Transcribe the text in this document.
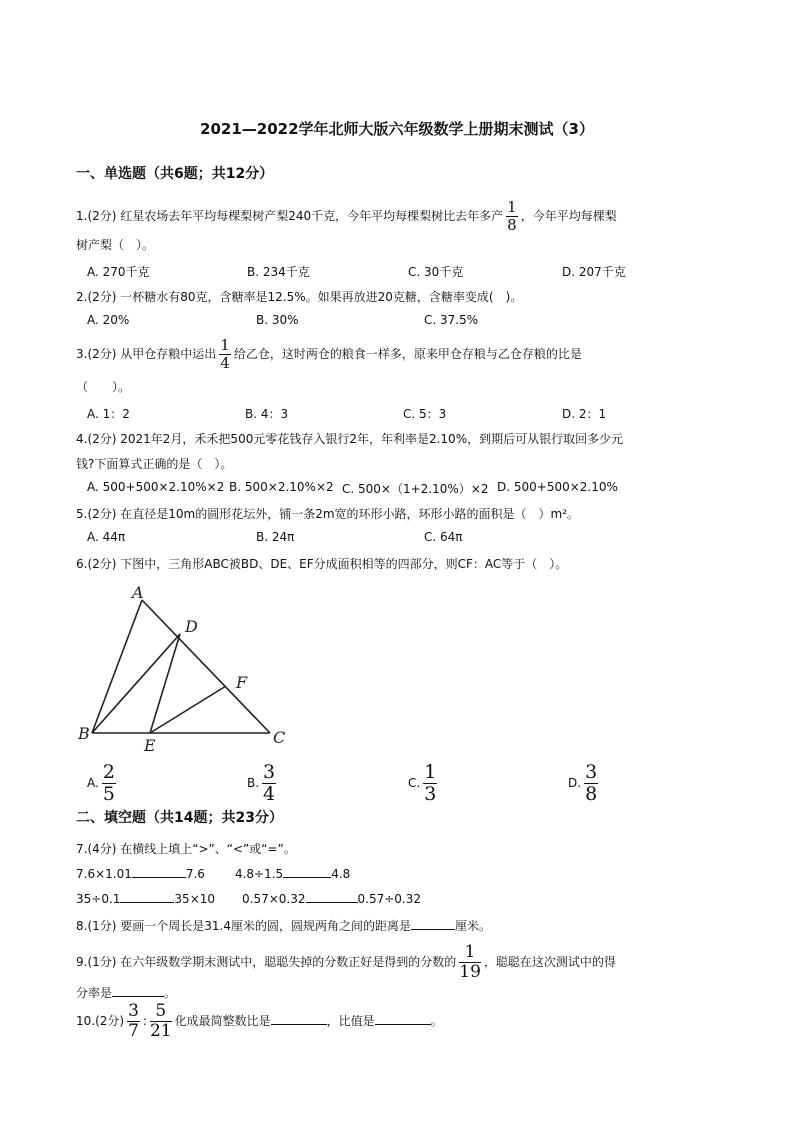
2021—2022学年北师大版六年级数学上册期末测试（3）
一、单选题（共6题；共12分）
1.(2分) 红星农场去年平均每棵梨树产梨240千克，今年平均每棵梨树比去年多产 $\frac{1}{8}$ ，今年平均每棵梨
树产梨（　）。
A. 270千克	B. 234千克	C. 30千克	D. 207千克
2.(2分) 一杯糖水有80克，含糖率是12.5%。如果再放进20克糖，含糖率变成(　)。
A. 20%	B. 30%	C. 37.5%
3.(2分) 从甲仓存粮中运出 $\frac{1}{4}$ 给乙仓，这时两仓的粮食一样多，原来甲仓存粮与乙仓存粮的比是
（　　）。
A. 1：2	B. 4：3	C. 5：3	D. 2：1
4.(2分) 2021年2月，禾禾把500元零花钱存入银行2年，年利率是2.10%，到期后可从银行取回多少元
钱?下面算式正确的是（　）。
A. 500+500×2.10%×2 B. 500×2.10%×2 C. 500×（1+2.10%）×2 D. 500+500×2.10%
5.(2分) 在直径是10m的圆形花坛外，铺一条2m宽的环形小路，环形小路的面积是（　）m²。
A. 44π	B. 24π	C. 64π
6.(2分) 下图中，三角形ABC被BD、DE、EF分成面积相等的四部分，则CF：AC等于（　）。
A
D
F
B
E	C
A. $\frac{2}{5}$	B. $\frac{3}{4}$	C. $\frac{1}{3}$	D. $\frac{3}{8}$
二、填空题（共14题；共23分）
7.(4分) 在横线上填上“>”、“<”或“=”。
7.6×1.01	7.6	4.8÷1.5	4.8
35÷0.1	35×10 0.57×0.32	0.57÷0.32
8.(1分) 要画一个周长是31.4厘米的圆，圆规两角之间的距离是	厘米。
9.(1分) 在六年级数学期末测试中，聪聪失掉的分数正好是得到的分数的 $\frac{1}{19}$ ，聪聪在这次测试中的得
分率是	。
10.(2分) $\frac{3}{7}$ : $\frac{5}{21}$ 化成最简整数比是	，比值是	。
